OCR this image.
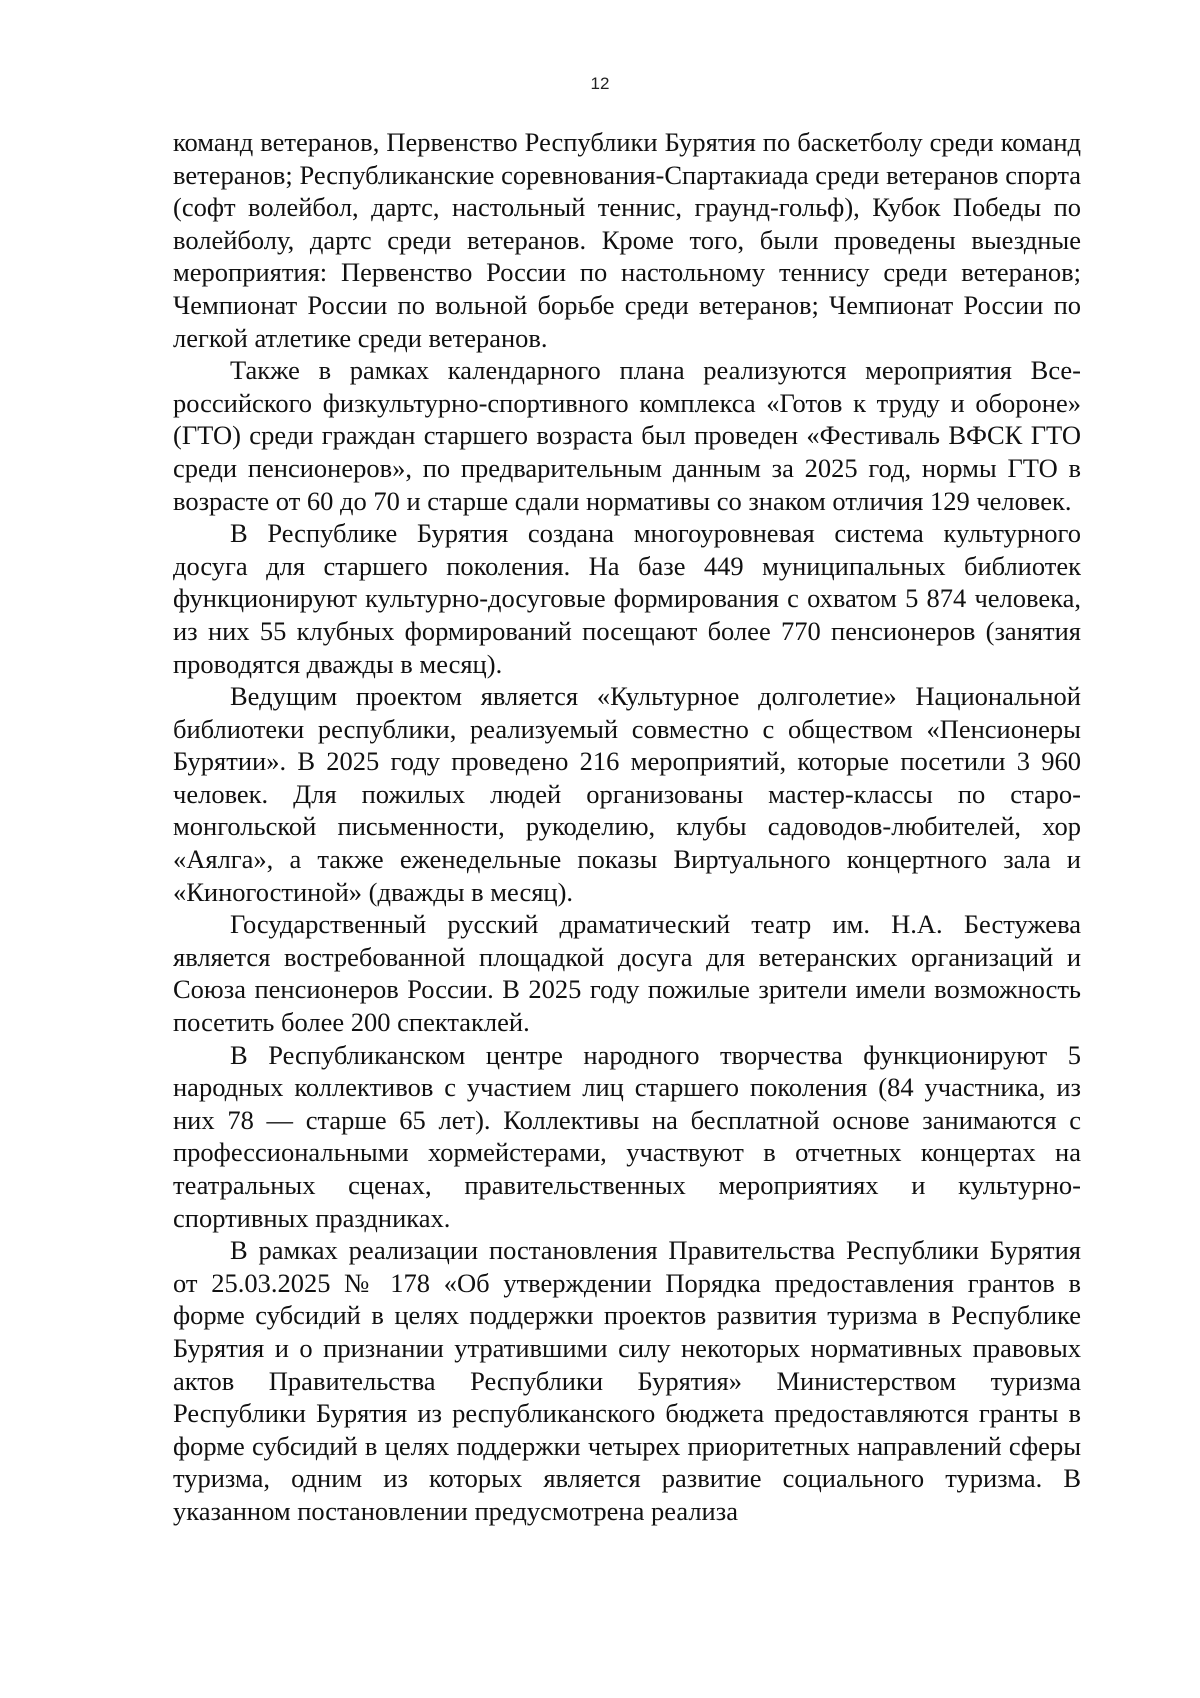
12

команд ветеранов, Первенство Республики Бурятия по баскетболу среди команд ветеранов; Республиканские соревнования-Спартакиада среди ветеранов спорта (софт волейбол, дартс, настольный теннис, граунд-гольф), Кубок Победы по волейболу, дартс среди ветеранов. Кроме того, были проведены выездные мероприятия: Первенство России по настольному теннису среди ветеранов; Чемпионат России по вольной борьбе среди ветеранов; Чемпионат России по легкой атлетике среди ветеранов.

Также в рамках календарного плана реализуются мероприятия Всероссийского физкультурно-спортивного комплекса «Готов к труду и обороне» (ГТО) среди граждан старшего возраста был проведен «Фестиваль ВФСК ГТО среди пенсионеров», по предварительным данным за 2025 год, нормы ГТО в возрасте от 60 до 70 и старше сдали нормативы со знаком отличия 129 человек.

В Республике Бурятия создана многоуровневая система культурного досуга для старшего поколения. На базе 449 муниципальных библиотек функционируют культурно-досуговые формирования с охватом 5 874 человека, из них 55 клубных формирований посещают более 770 пенсионеров (занятия проводятся дважды в месяц).

Ведущим проектом является «Культурное долголетие» Национальной библиотеки республики, реализуемый совместно с обществом «Пенсионеры Бурятии». В 2025 году проведено 216 мероприятий, которые посетили 3 960 человек. Для пожилых людей организованы мастер-классы по старомонгольской письменности, рукоделию, клубы садоводов-любителей, хор «Аялга», а также еженедельные показы Виртуального концертного зала и «Киногостиной» (дважды в месяц).

Государственный русский драматический театр им. Н.А. Бестужева является востребованной площадкой досуга для ветеранских организаций и Союза пенсионеров России. В 2025 году пожилые зрители имели возможность посетить более 200 спектаклей.

В Республиканском центре народного творчества функционируют 5 народных коллективов с участием лиц старшего поколения (84 участника, из них 78 — старше 65 лет). Коллективы на бесплатной основе занимаются с профессиональными хормейстерами, участвуют в отчетных концертах на театральных сценах, правительственных мероприятиях и культурно-спортивных праздниках.

В рамках реализации постановления Правительства Республики Бурятия от 25.03.2025 № 178 «Об утверждении Порядка предоставления грантов в форме субсидий в целях поддержки проектов развития туризма в Республике Бурятия и о признании утратившими силу некоторых нормативных правовых актов Правительства Республики Бурятия» Министерством туризма Республики Бурятия из республиканского бюджета предоставляются гранты в форме субсидий в целях поддержки четырех приоритетных направлений сферы туризма, одним из которых является развитие социального туризма. В указанном постановлении предусмотрена реализа
